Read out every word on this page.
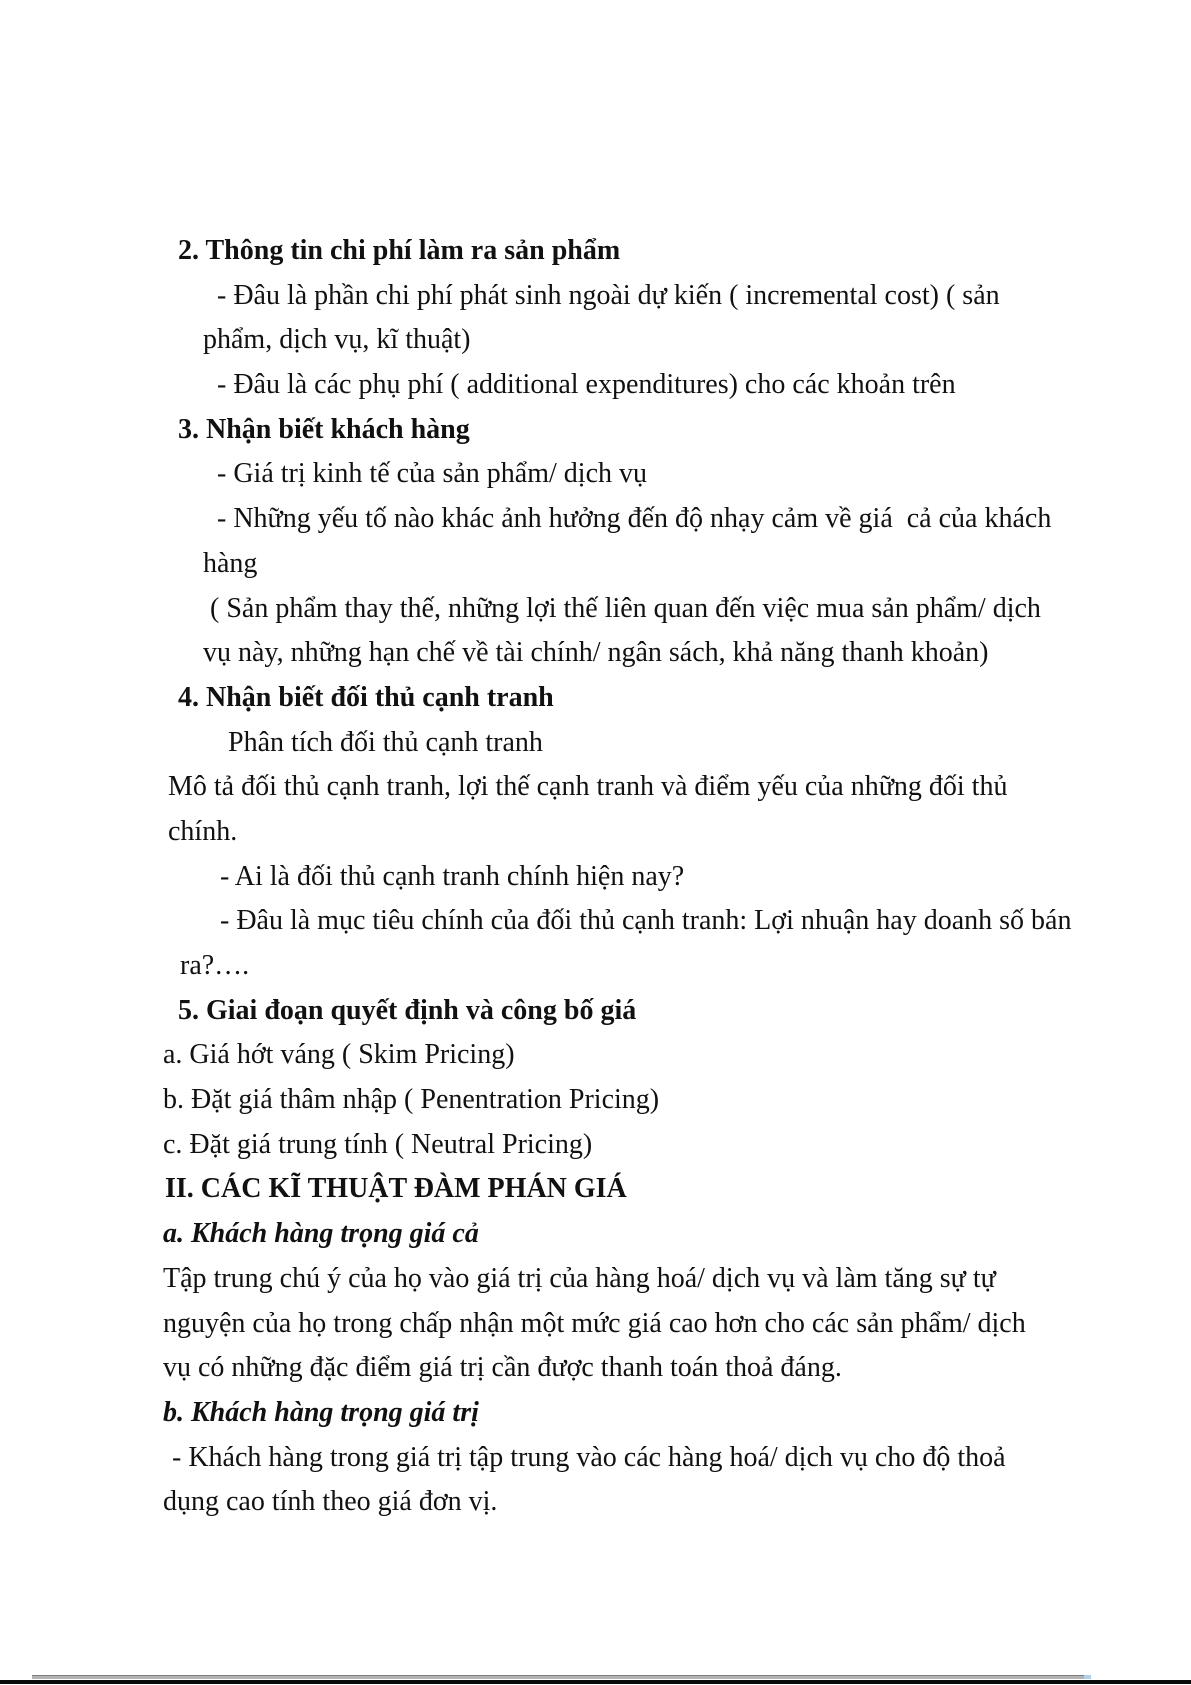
2. Thông tin chi phí làm ra sản phẩm
- Đâu là phần chi phí phát sinh ngoài dự kiến ( incremental cost) ( sản
phẩm, dịch vụ, kĩ thuật)
- Đâu là các phụ phí ( additional expenditures) cho các khoản trên
3. Nhận biết khách hàng
- Giá trị kinh tế của sản phẩm/ dịch vụ
- Những yếu tố nào khác ảnh hưởng đến độ nhạy cảm về giá  cả của khách
hàng
( Sản phẩm thay thế, những lợi thế liên quan đến việc mua sản phẩm/ dịch
vụ này, những hạn chế về tài chính/ ngân sách, khả năng thanh khoản)
4. Nhận biết đối thủ cạnh tranh
Phân tích đối thủ cạnh tranh
Mô tả đối thủ cạnh tranh, lợi thế cạnh tranh và điểm yếu của những đối thủ
chính.
- Ai là đối thủ cạnh tranh chính hiện nay?
- Đâu là mục tiêu chính của đối thủ cạnh tranh: Lợi nhuận hay doanh số bán
ra?….
5. Giai đoạn quyết định và công bố giá
a. Giá hớt váng ( Skim Pricing)
b. Đặt giá thâm nhập ( Penentration Pricing)
c. Đặt giá trung tính ( Neutral Pricing)
II. CÁC KĨ THUẬT ĐÀM PHÁN GIÁ
a. Khách hàng trọng giá cả
Tập trung chú ý của họ vào giá trị của hàng hoá/ dịch vụ và làm tăng sự tự
nguyện của họ trong chấp nhận một mức giá cao hơn cho các sản phẩm/ dịch
vụ có những đặc điểm giá trị cần được thanh toán thoả đáng.
b. Khách hàng trọng giá trị
- Khách hàng trong giá trị tập trung vào các hàng hoá/ dịch vụ cho độ thoả
dụng cao tính theo giá đơn vị.
